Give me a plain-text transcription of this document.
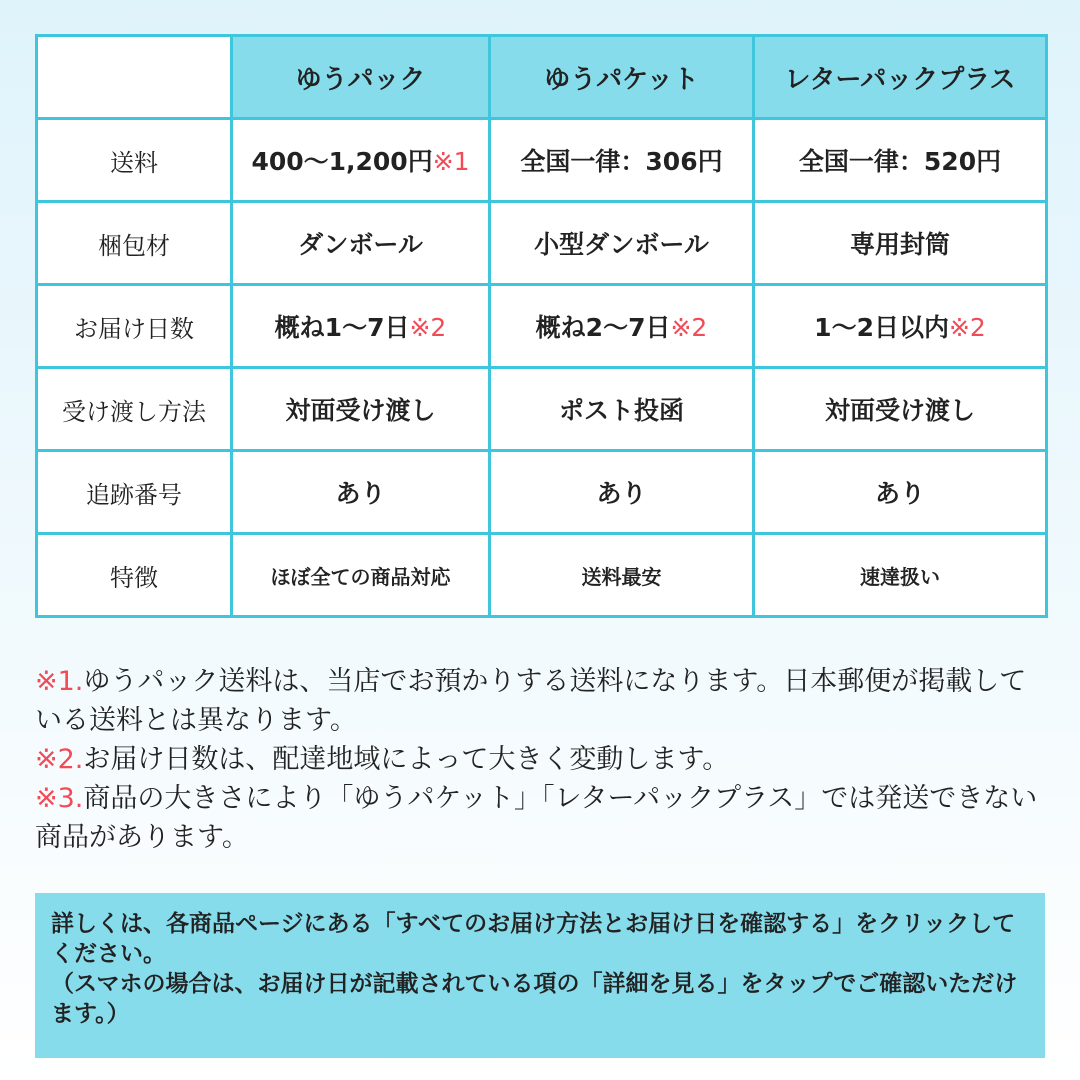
	ゆうパック	ゆうパケット	レターパックプラス
送料	400〜1,200円※1	全国一律：306円	全国一律：520円
梱包材	ダンボール	小型ダンボール	専用封筒
お届け日数	概ね1〜7日※2	概ね2〜7日※2	1〜2日以内※2
受け渡し方法	対面受け渡し	ポスト投函	対面受け渡し
追跡番号	あり	あり	あり
特徴	ほぼ全ての商品対応	送料最安	速達扱い

※1.ゆうパック送料は、当店でお預かりする送料になります。日本郵便が掲載している送料とは異なります。

※2.お届け日数は、配達地域によって大きく変動します。

※3.商品の大きさにより「ゆうパケット」「レターパックプラス」では発送できない商品があります。

詳しくは、各商品ページにある「すべてのお届け方法とお届け日を確認する」をクリックしてください。

（スマホの場合は、お届け日が記載されている項の「詳細を見る」をタップでご確認いただけます。）
